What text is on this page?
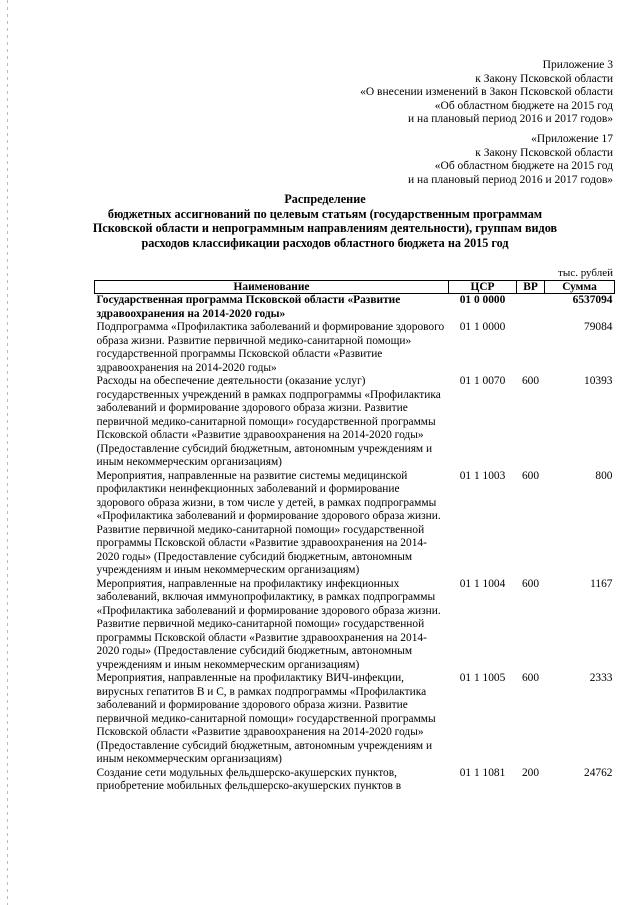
Приложение 3
к Закону Псковской области
«О внесении изменений в Закон Псковской области
«Об областном бюджете на 2015 год
и на плановый период 2016 и 2017 годов»
«Приложение 17
к Закону Псковской области
«Об областном бюджете на 2015 год
и на плановый период 2016 и 2017 годов»
Распределение
бюджетных ассигнований по целевым статьям (государственным программам
Псковской области и непрограммным направлениям деятельности), группам видов
расходов классификации расходов областного бюджета на 2015 год
тыс. рублей
Наименование	ЦСР	ВР	Сумма
Государственная программа Псковской области «Развитие здравоохранения на 2014-2020 годы»	01 0 0000		6537094
Подпрограмма «Профилактика заболеваний и формирование здорового образа жизни. Развитие первичной медико-санитарной помощи» государственной программы Псковской области «Развитие здравоохранения на 2014-2020 годы»	01 1 0000		79084
Расходы на обеспечение деятельности (оказание услуг) государственных учреждений в рамках подпрограммы «Профилактика заболеваний и формирование здорового образа жизни. Развитие первичной медико-санитарной помощи» государственной программы Псковской области «Развитие здравоохранения на 2014-2020 годы» (Предоставление субсидий бюджетным, автономным учреждениям и иным некоммерческим организациям)	01 1 0070	600	10393
Мероприятия, направленные на развитие системы медицинской профилактики неинфекционных заболеваний и формирование здорового образа жизни, в том числе у детей, в рамках подпрограммы «Профилактика заболеваний и формирование здорового образа жизни. Развитие первичной медико-санитарной помощи» государственной программы Псковской области «Развитие здравоохранения на 2014-2020 годы» (Предоставление субсидий бюджетным, автономным учреждениям и иным некоммерческим организациям)	01 1 1003	600	800
Мероприятия, направленные на профилактику инфекционных заболеваний, включая иммунопрофилактику, в рамках подпрограммы «Профилактика заболеваний и формирование здорового образа жизни. Развитие первичной медико-санитарной помощи» государственной программы Псковской области «Развитие здравоохранения на 2014-2020 годы» (Предоставление субсидий бюджетным, автономным учреждениям и иным некоммерческим организациям)	01 1 1004	600	1167
Мероприятия, направленные на профилактику ВИЧ-инфекции, вирусных гепатитов В и С, в рамках подпрограммы «Профилактика заболеваний и формирование здорового образа жизни. Развитие первичной медико-санитарной помощи» государственной программы Псковской области «Развитие здравоохранения на 2014-2020 годы» (Предоставление субсидий бюджетным, автономным учреждениям и иным некоммерческим организациям)	01 1 1005	600	2333
Создание сети модульных фельдшерско-акушерских пунктов, приобретение мобильных фельдшерско-акушерских пунктов в	01 1 1081	200	24762
